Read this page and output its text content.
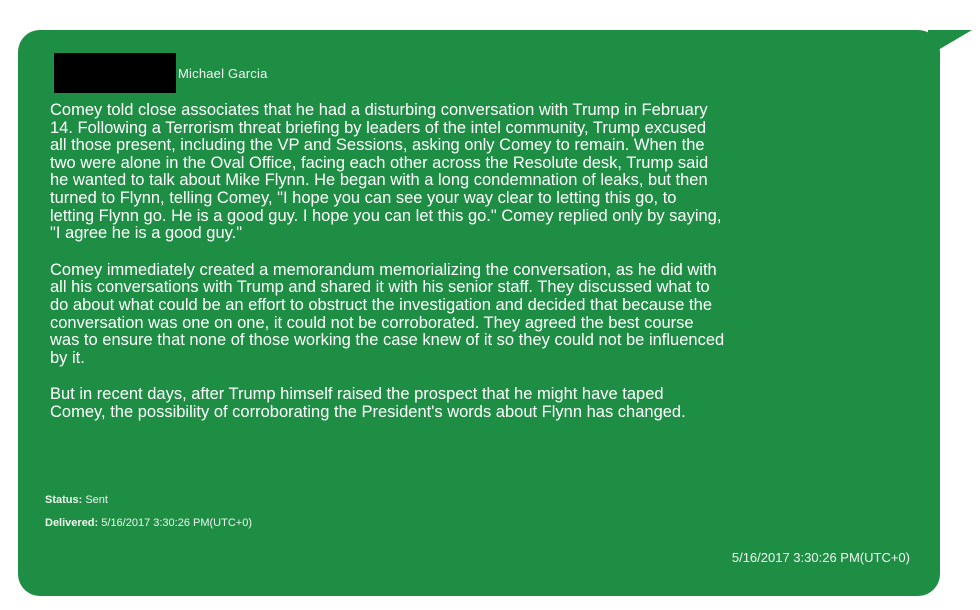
Michael Garcia

Comey told close associates that he had a disturbing conversation with Trump in February
14. Following a Terrorism threat briefing by leaders of the intel community, Trump excused
all those present, including the VP and Sessions, asking only Comey to remain. When the
two were alone in the Oval Office, facing each other across the Resolute desk, Trump said
he wanted to talk about Mike Flynn. He began with a long condemnation of leaks, but then
turned to Flynn, telling Comey, "I hope you can see your way clear to letting this go, to
letting Flynn go. He is a good guy. I hope you can let this go." Comey replied only by saying,
"I agree he is a good guy."

Comey immediately created a memorandum memorializing the conversation, as he did with
all his conversations with Trump and shared it with his senior staff. They discussed what to
do about what could be an effort to obstruct the investigation and decided that because the
conversation was one on one, it could not be corroborated. They agreed the best course
was to ensure that none of those working the case knew of it so they could not be influenced
by it.

But in recent days, after Trump himself raised the prospect that he might have taped
Comey, the possibility of corroborating the President's words about Flynn has changed.

Status: Sent
Delivered: 5/16/2017 3:30:26 PM(UTC+0)
5/16/2017 3:30:26 PM(UTC+0)
